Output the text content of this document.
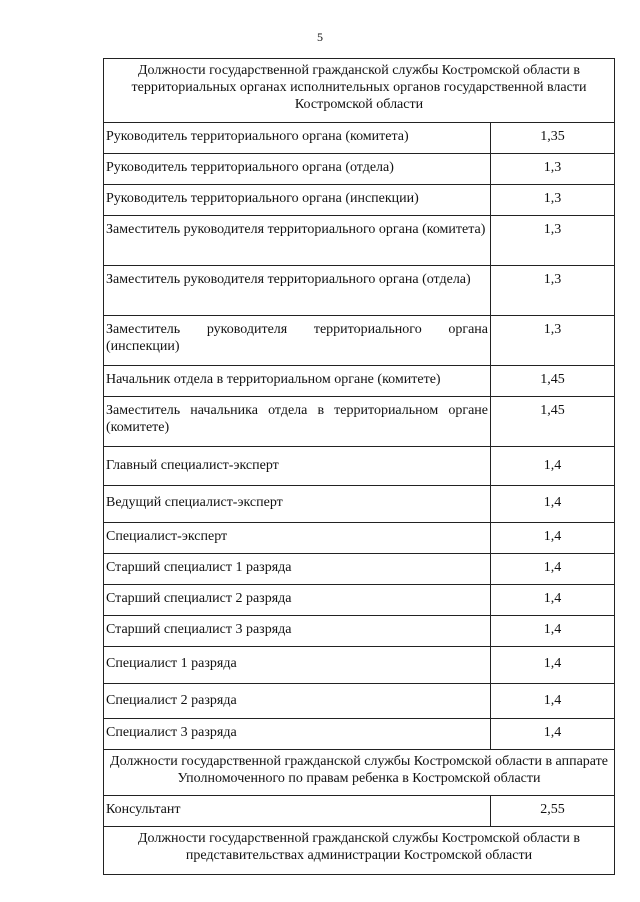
5
Должности государственной гражданской службы Костромской области в территориальных органах исполнительных органов государственной власти Костромской области	
Руководитель территориального органа (комитета)	1,35
Руководитель территориального органа (отдела)	1,3
Руководитель территориального органа (инспекции)	1,3
Заместитель руководителя территориального органа (комитета)	1,3
Заместитель руководителя территориального органа (отдела)	1,3
Заместитель руководителя территориального органа (инспекции)	1,3
Начальник отдела в территориальном органе (комитете)	1,45
Заместитель начальника отдела в территориальном органе (комитете)	1,45
Главный специалист-эксперт	1,4
Ведущий специалист-эксперт	1,4
Специалист-эксперт	1,4
Старший специалист 1 разряда	1,4
Старший специалист 2 разряда	1,4
Старший специалист 3 разряда	1,4
Специалист 1 разряда	1,4
Специалист 2 разряда	1,4
Специалист 3 разряда	1,4
Должности государственной гражданской службы Костромской области в аппарате Уполномоченного по правам ребенка в Костромской области	
Консультант	2,55
Должности государственной гражданской службы Костромской области в представительствах администрации Костромской области	
